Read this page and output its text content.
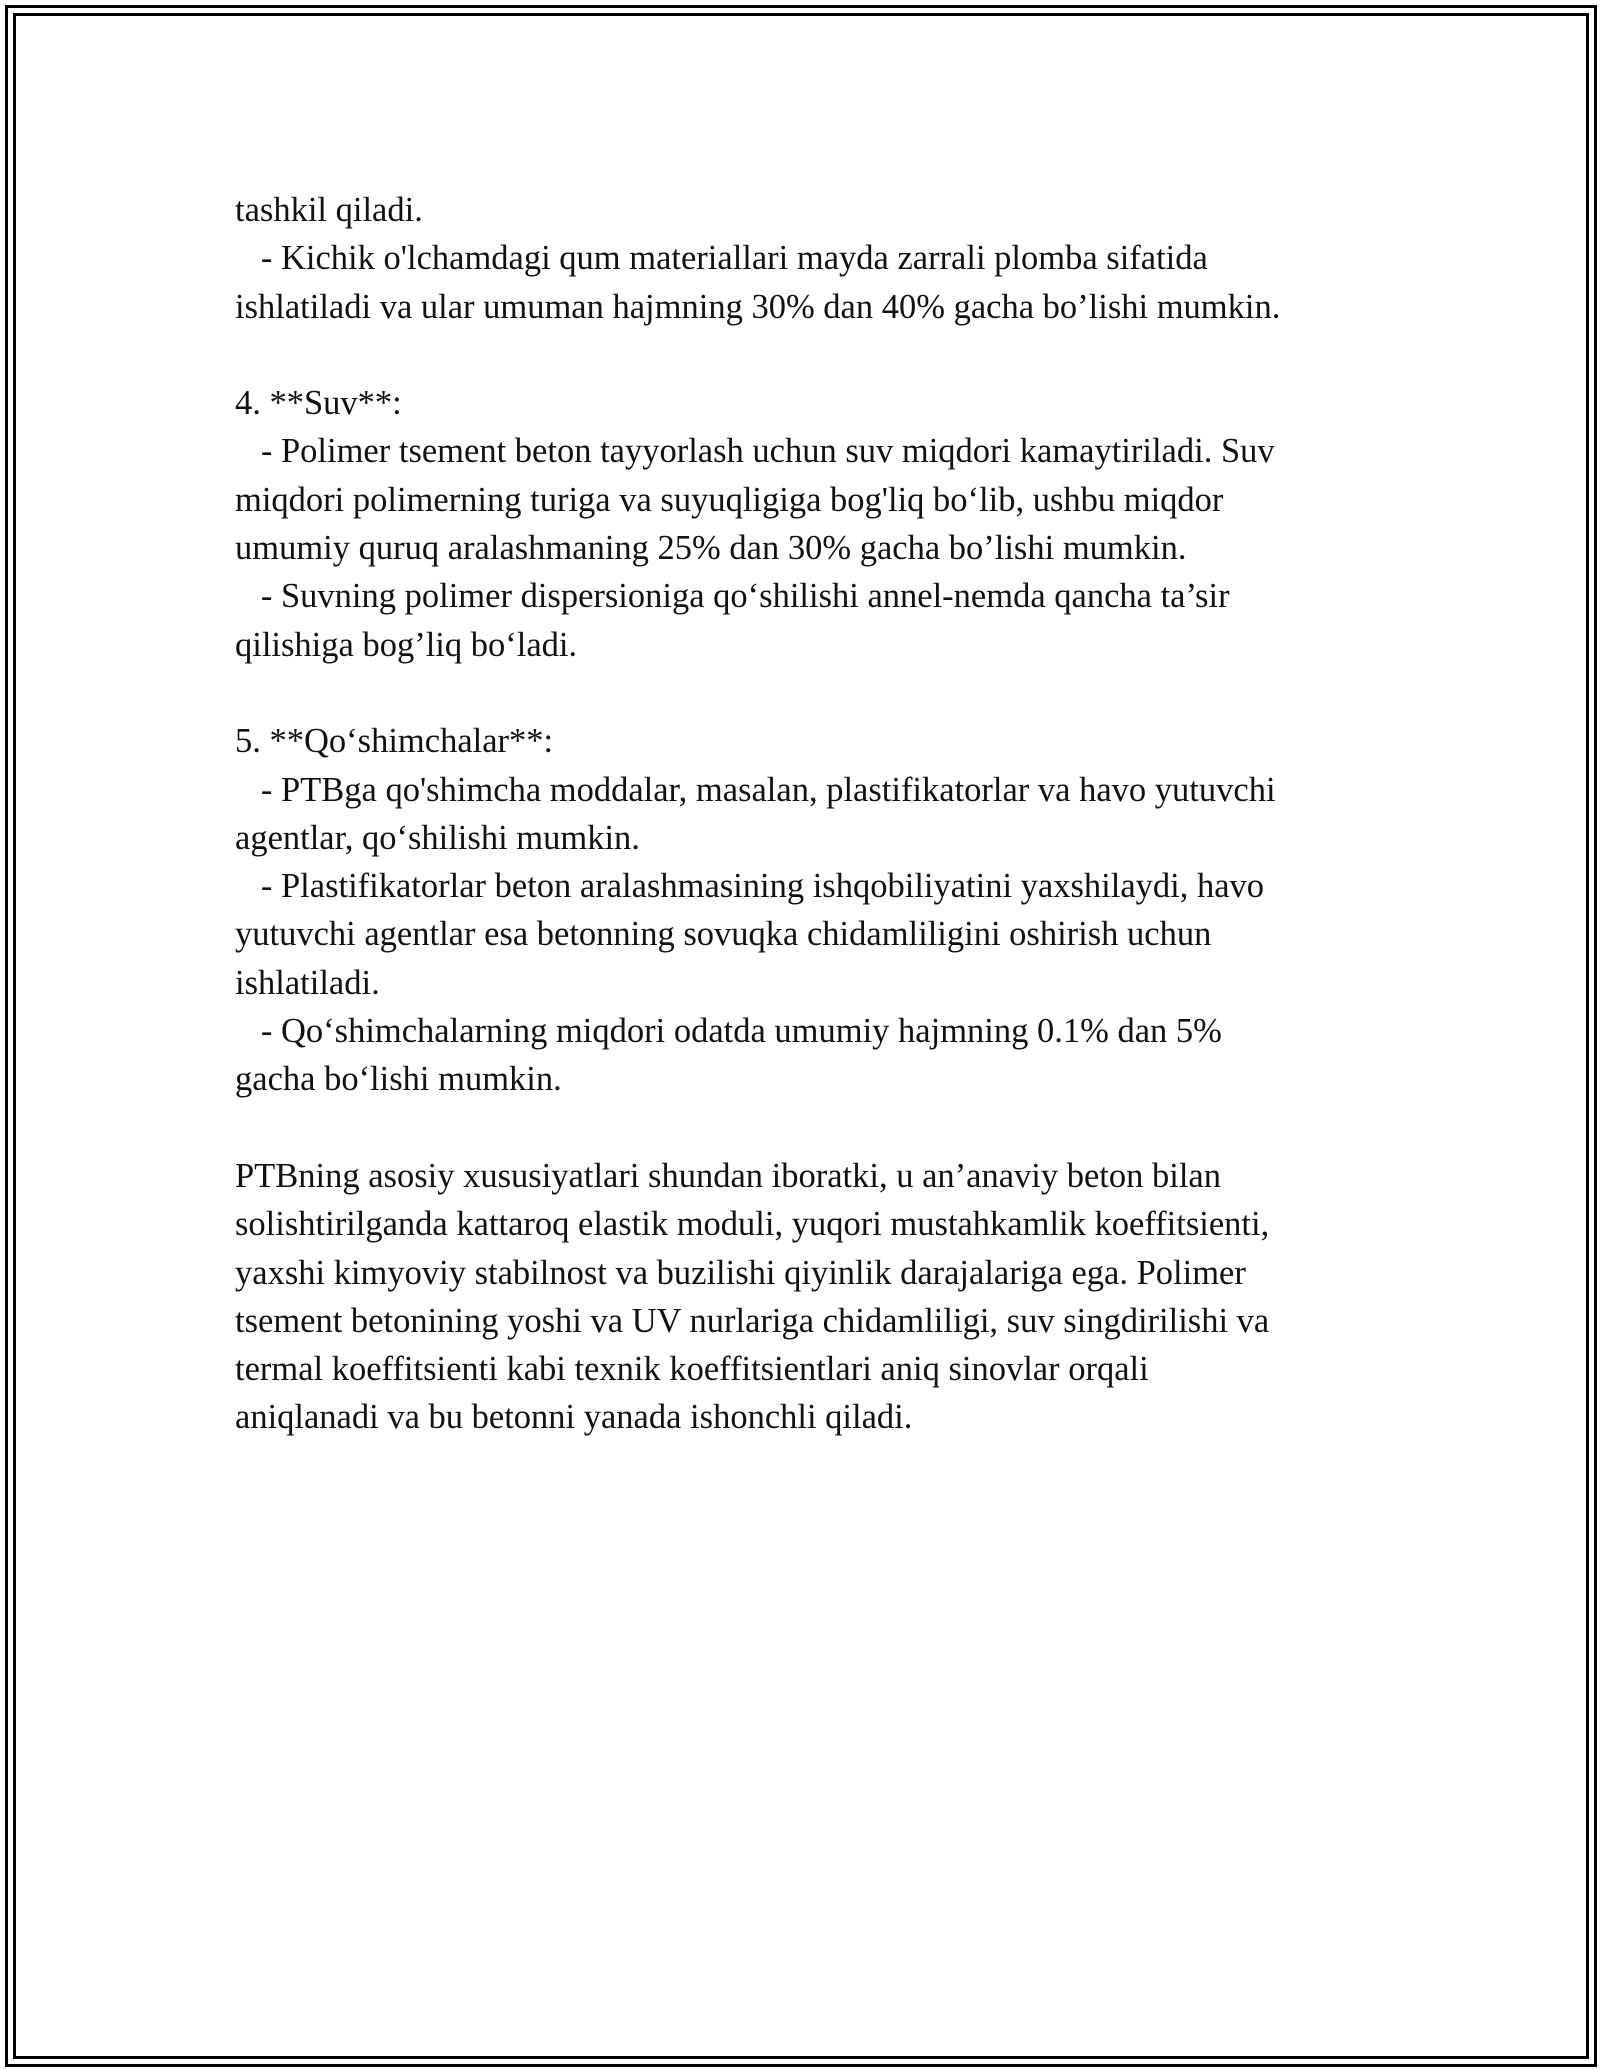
tashkil qiladi.
- Kichik o'lchamdagi qum materiallari mayda zarrali plomba sifatida
ishlatiladi va ular umuman hajmning 30% dan 40% gacha bo’lishi mumkin.
4. **Suv**:
- Polimer tsement beton tayyorlash uchun suv miqdori kamaytiriladi. Suv
miqdori polimerning turiga va suyuqligiga bog'liq bo‘lib, ushbu miqdor
umumiy quruq aralashmaning 25% dan 30% gacha bo’lishi mumkin.
- Suvning polimer dispersioniga qo‘shilishi annel-nemda qancha ta’sir
qilishiga bog’liq bo‘ladi.
5. **Qo‘shimchalar**:
- PTBga qo'shimcha moddalar, masalan, plastifikatorlar va havo yutuvchi
agentlar, qo‘shilishi mumkin.
- Plastifikatorlar beton aralashmasining ishqobiliyatini yaxshilaydi, havo
yutuvchi agentlar esa betonning sovuqka chidamliligini oshirish uchun
ishlatiladi.
- Qo‘shimchalarning miqdori odatda umumiy hajmning 0.1% dan 5%
gacha bo‘lishi mumkin.
PTBning asosiy xususiyatlari shundan iboratki, u an’anaviy beton bilan
solishtirilganda kattaroq elastik moduli, yuqori mustahkamlik koeffitsienti,
yaxshi kimyoviy stabilnost va buzilishi qiyinlik darajalariga ega. Polimer
tsement betonining yoshi va UV nurlariga chidamliligi, suv singdirilishi va
termal koeffitsienti kabi texnik koeffitsientlari aniq sinovlar orqali
aniqlanadi va bu betonni yanada ishonchli qiladi.
